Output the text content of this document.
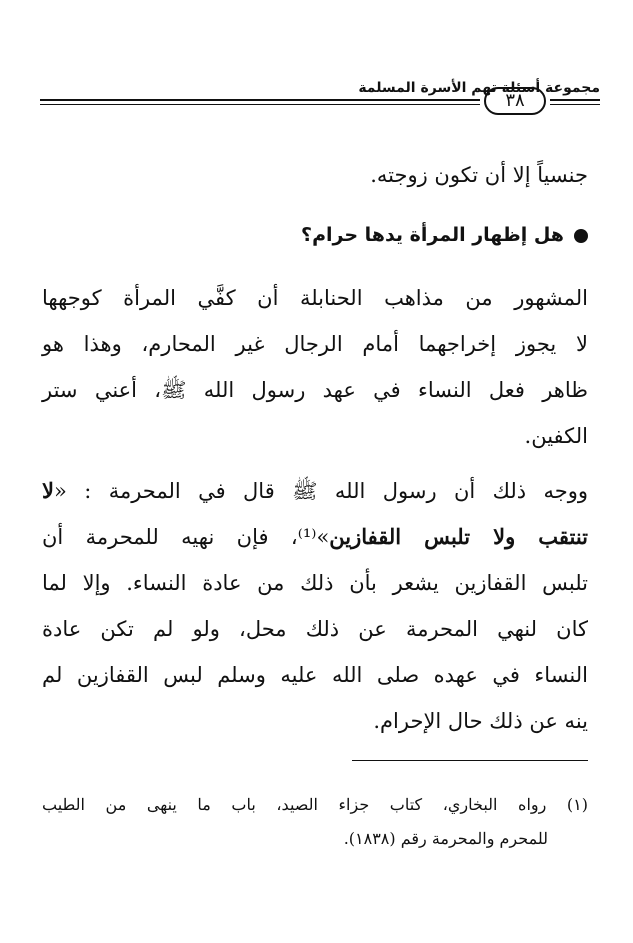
٣٨
مجموعة أسئلة تهم الأسرة المسلمة
جنسياً إلا أن تكون زوجته.
هل إظهار المرأة يدها حرام؟
المشهور من مذاهب الحنابلة أن كفَّي المرأة كوجهها
لا يجوز إخراجهما أمام الرجال غير المحارم، وهذا هو
ظاهر فعل النساء في عهد رسول الله ﷺ، أعني ستر
الكفين.
ووجه ذلك أن رسول الله ﷺ قال في المحرمة : «لا
تنتقب ولا تلبس القفازين»⁽¹⁾، فإن نهيه للمحرمة أن
تلبس القفازين يشعر بأن ذلك من عادة النساء. وإلا لما
كان لنهي المحرمة عن ذلك محل، ولو لم تكن عادة
النساء في عهده صلى الله عليه وسلم لبس القفازين لم
ينه عن ذلك حال الإحرام.
(١) رواه البخاري، كتاب جزاء الصيد، باب ما ينهى من الطيب
للمحرم والمحرمة رقم (١٨٣٨).
